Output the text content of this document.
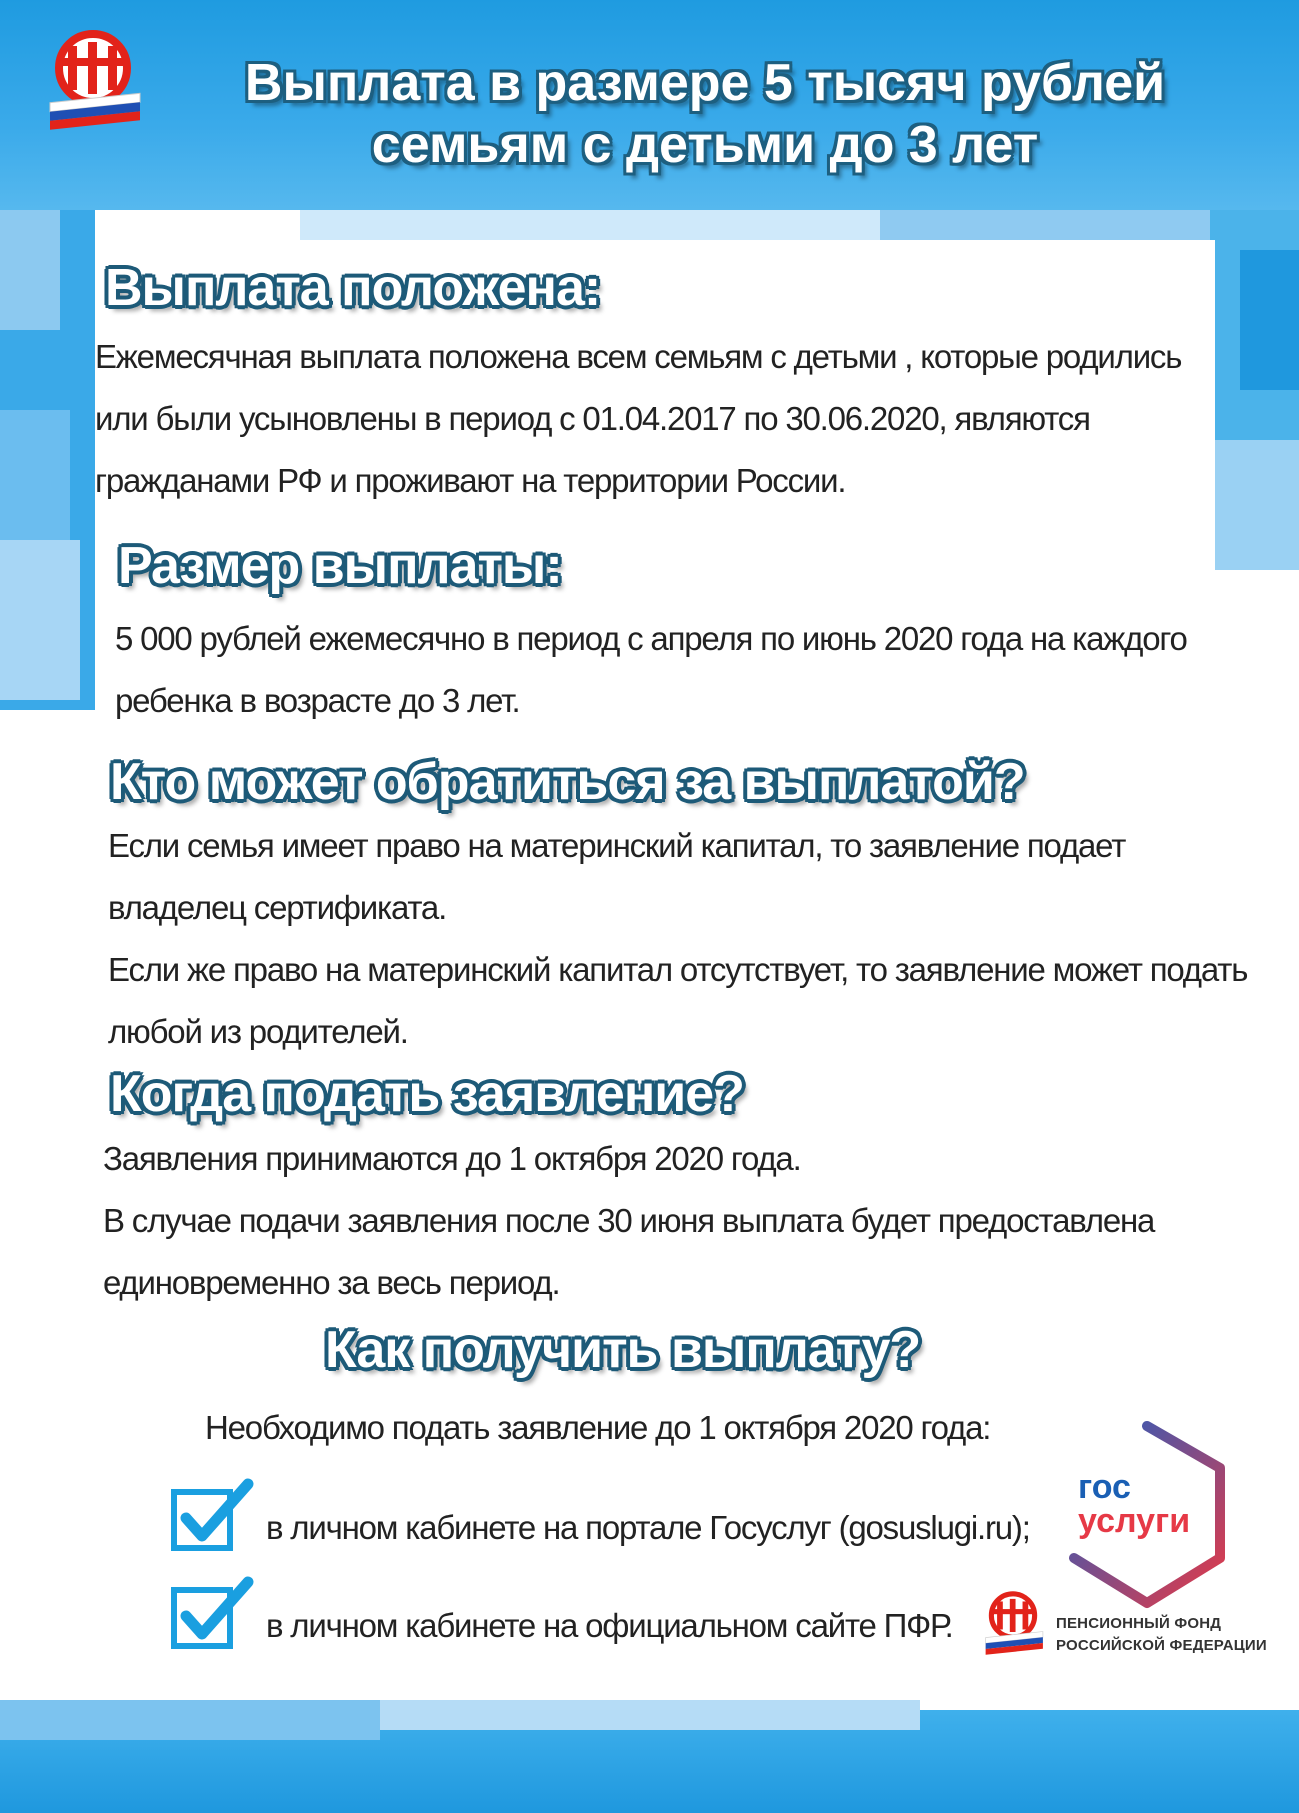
Выплата в размере 5 тысяч рублей
семьям с детьми до 3 лет
Выплата положена:

Ежемесячная выплата положена всем семьям с детьми , которые родились или были усыновлены в период с 01.04.2017 по 30.06.2020, являются гражданами РФ и проживают на территории России.

Размер выплаты:

5 000 рублей ежемесячно в период с апреля по июнь 2020 года на каждого ребенка в возрасте до 3 лет.

Кто может обратиться за выплатой?

Если семья имеет право на материнский капитал, то заявление подает владелец сертификата.

Если же право на материнский капитал отсутствует, то заявление может подать любой из родителей.

Когда подать заявление?

Заявления принимаются до 1 октября 2020 года.

В случае подачи заявления после 30 июня выплата будет предоставлена единовременно за весь период.

Как получить выплату?
Необходимо подать заявление до 1 октября 2020 года:
в личном кабинете на портале Госуслуг (gosuslugi.ru);
в личном кабинете на официальном сайте ПФР.
гос
услуги
ПЕНСИОННЫЙ ФОНД
РОССИЙСКОЙ ФЕДЕРАЦИИ
